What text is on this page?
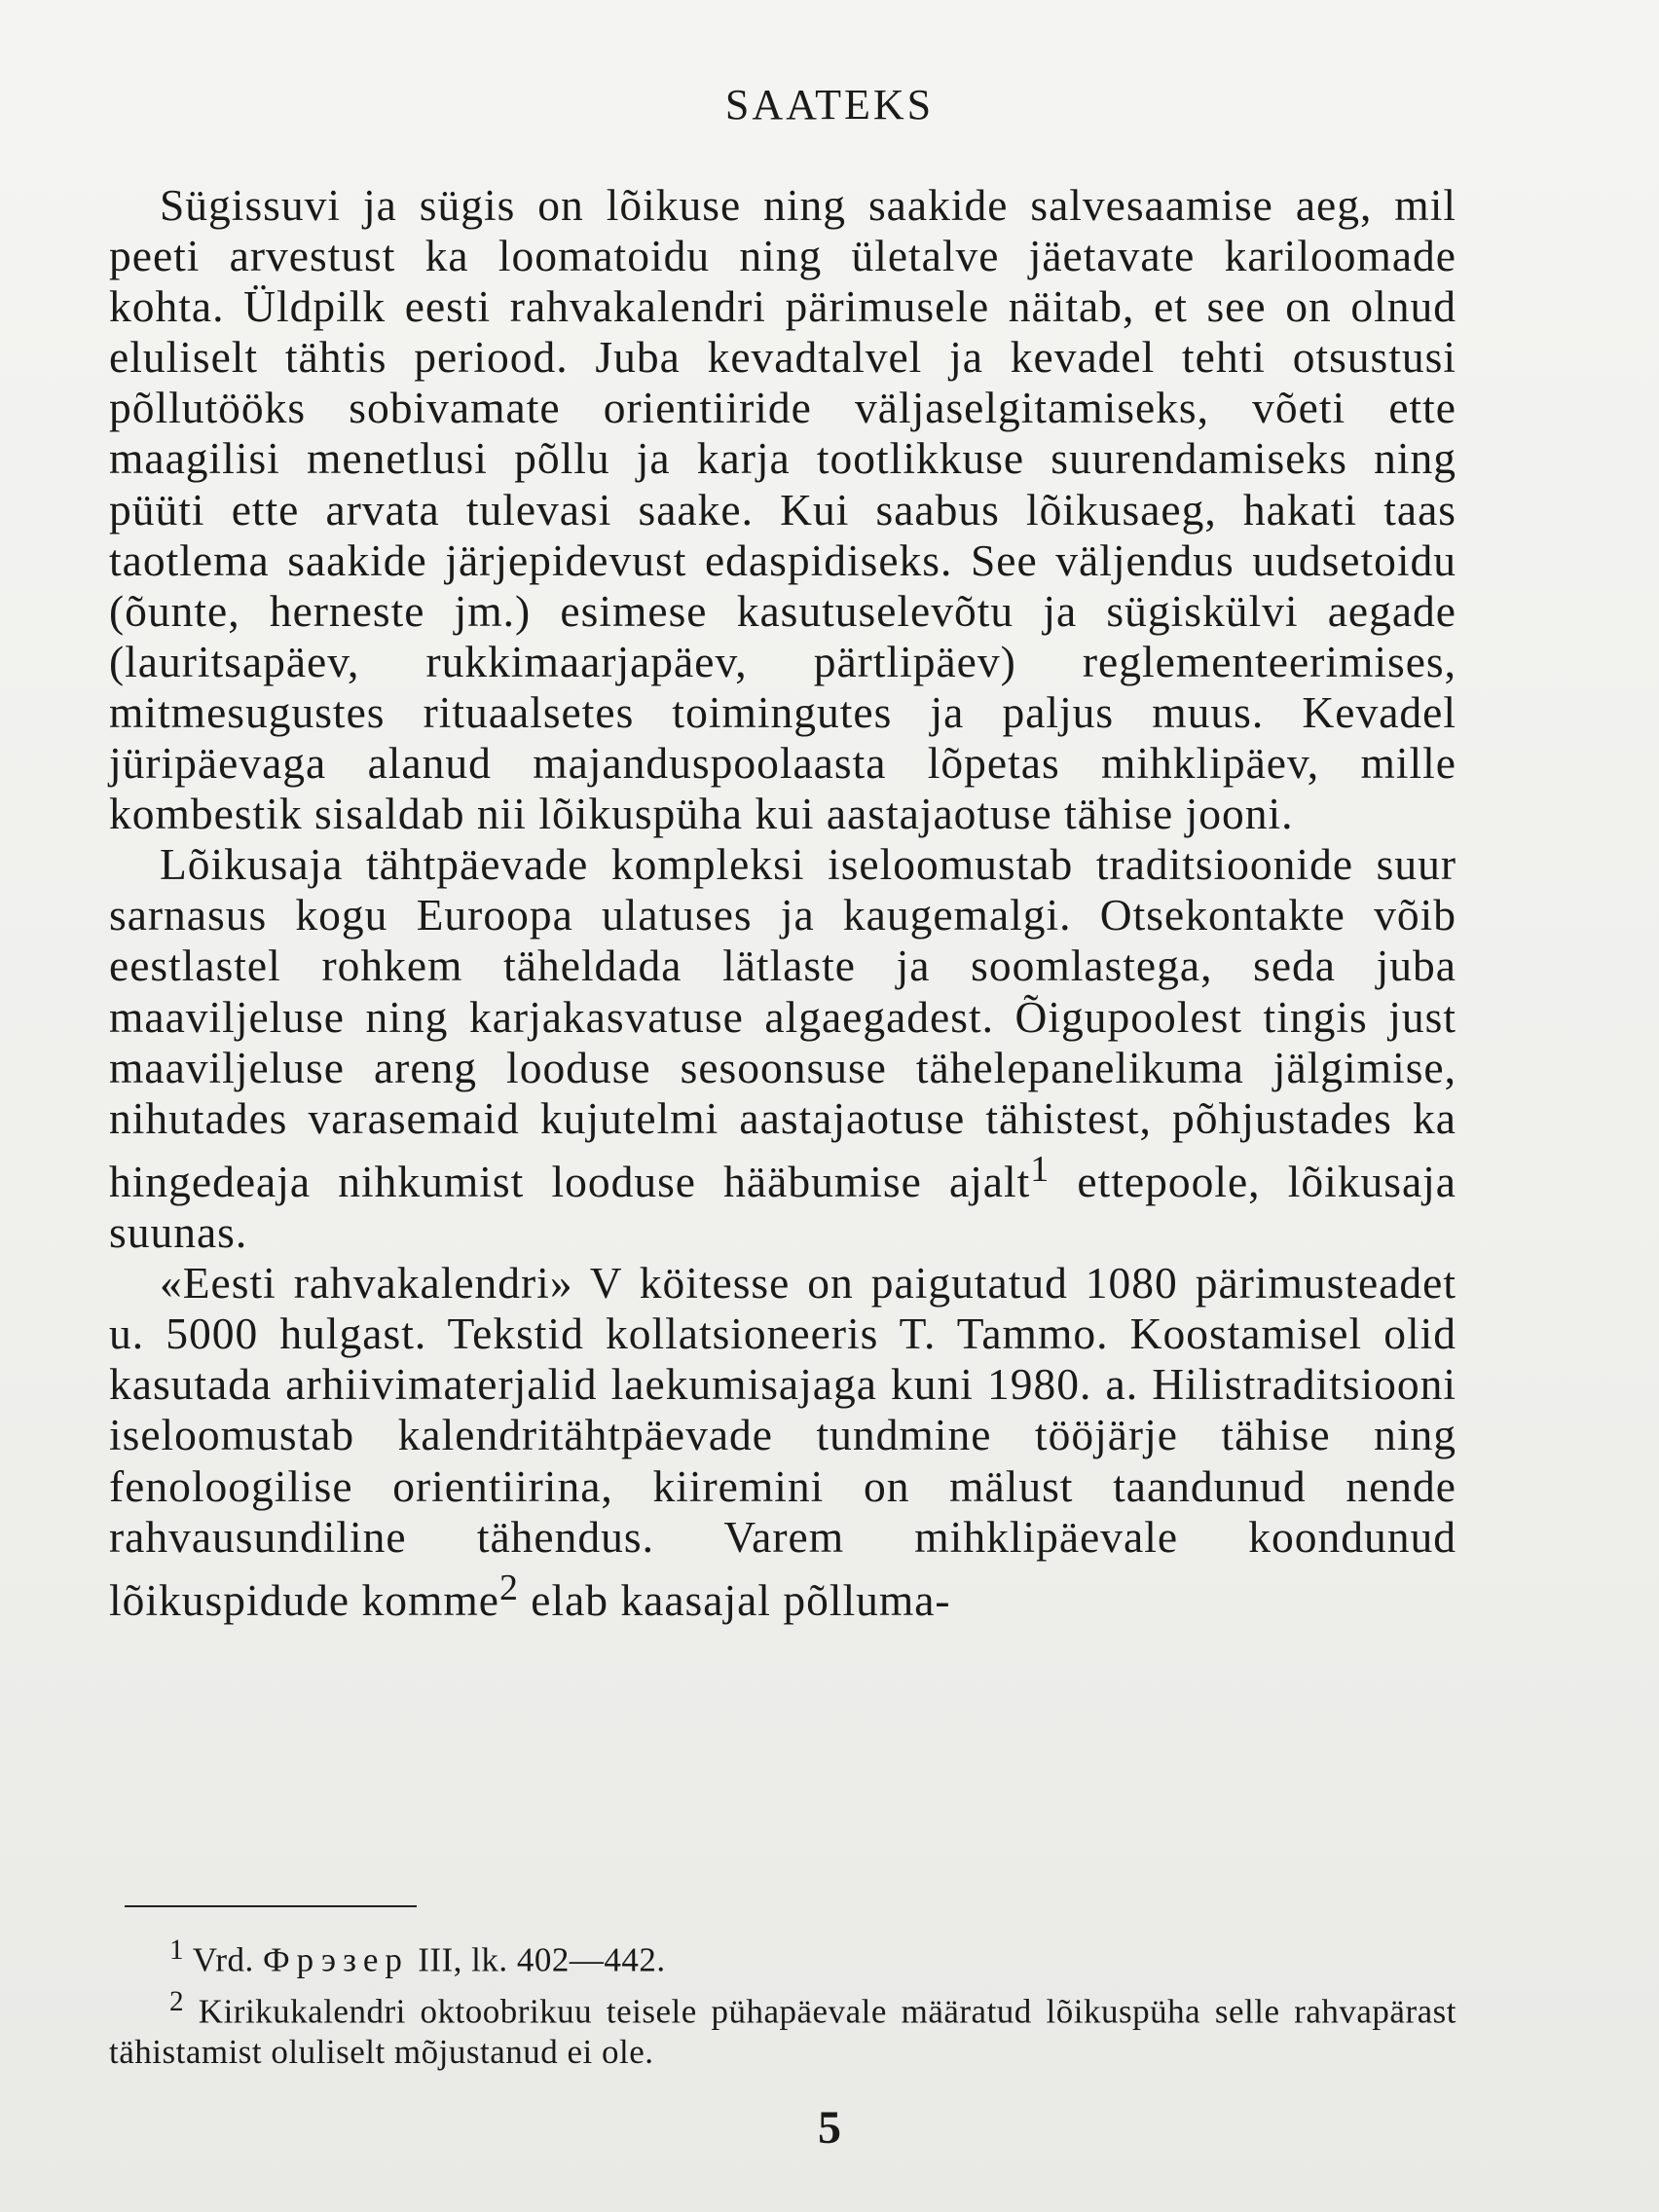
SAATEKS

Sügissuvi ja sügis on lõikuse ning saakide salvesaamise aeg, mil peeti arvestust ka loomatoidu ning ületalve jäetavate kariloomade kohta. Üldpilk eesti rahvakalendri pärimusele näitab, et see on olnud eluliselt tähtis periood. Juba kevadtalvel ja kevadel tehti otsustusi põllutööks sobivamate orientiiride väljaselgitamiseks, võeti ette maagilisi menetlusi põllu ja karja tootlikkuse suurendamiseks ning püüti ette arvata tulevasi saake. Kui saabus lõikusaeg, hakati taas taotlema saakide järjepidevust edaspidiseks. See väljendus uudsetoidu (õunte, herneste jm.) esimese kasutuselevõtu ja sügiskülvi aegade (lauritsapäev, rukkimaarjapäev, pärtlipäev) reglementeerimises, mitmesugustes rituaalsetes toimingutes ja paljus muus. Kevadel jüripäevaga alanud majanduspoolaasta lõpetas mihklipäev, mille kombestik sisaldab nii lõikuspüha kui aastajaotuse tähise jooni.

Lõikusaja tähtpäevade kompleksi iseloomustab traditsioonide suur sarnasus kogu Euroopa ulatuses ja kaugemalgi. Otsekontakte võib eestlastel rohkem täheldada lätlaste ja soomlastega, seda juba maaviljeluse ning karjakasvatuse algaegadest. Õigupoolest tingis just maaviljeluse areng looduse sesoonsuse tähelepanelikuma jälgimise, nihutades varasemaid kujutelmi aastajaotuse tähistest, põhjustades ka hingedeaja nihkumist looduse hääbumise ajalt$^1$ ettepoole, lõikusaja suunas.

«Eesti rahvakalendri» V köitesse on paigutatud 1080 pärimusteadet u. 5000 hulgast. Tekstid kollatsioneeris T. Tammo. Koostamisel olid kasutada arhiivimaterjalid laekumisajaga kuni 1980. a. Hilistraditsiooni iseloomustab kalendritähtpäevade tundmine tööjärje tähise ning fenoloogilise orientiirina, kiiremini on mälust taandunud nende rahvausundiline tähendus. Varem mihklipäevale koondunud lõikuspidude komme$^2$ elab kaasajal põlluma-

$^1$ Vrd. Фрэзер III, lk. 402—442.

$^2$ Kirikukalendri oktoobrikuu teisele pühapäevale määratud lõikuspüha selle rahvapärast tähistamist oluliselt mõjustanud ei ole.

5
